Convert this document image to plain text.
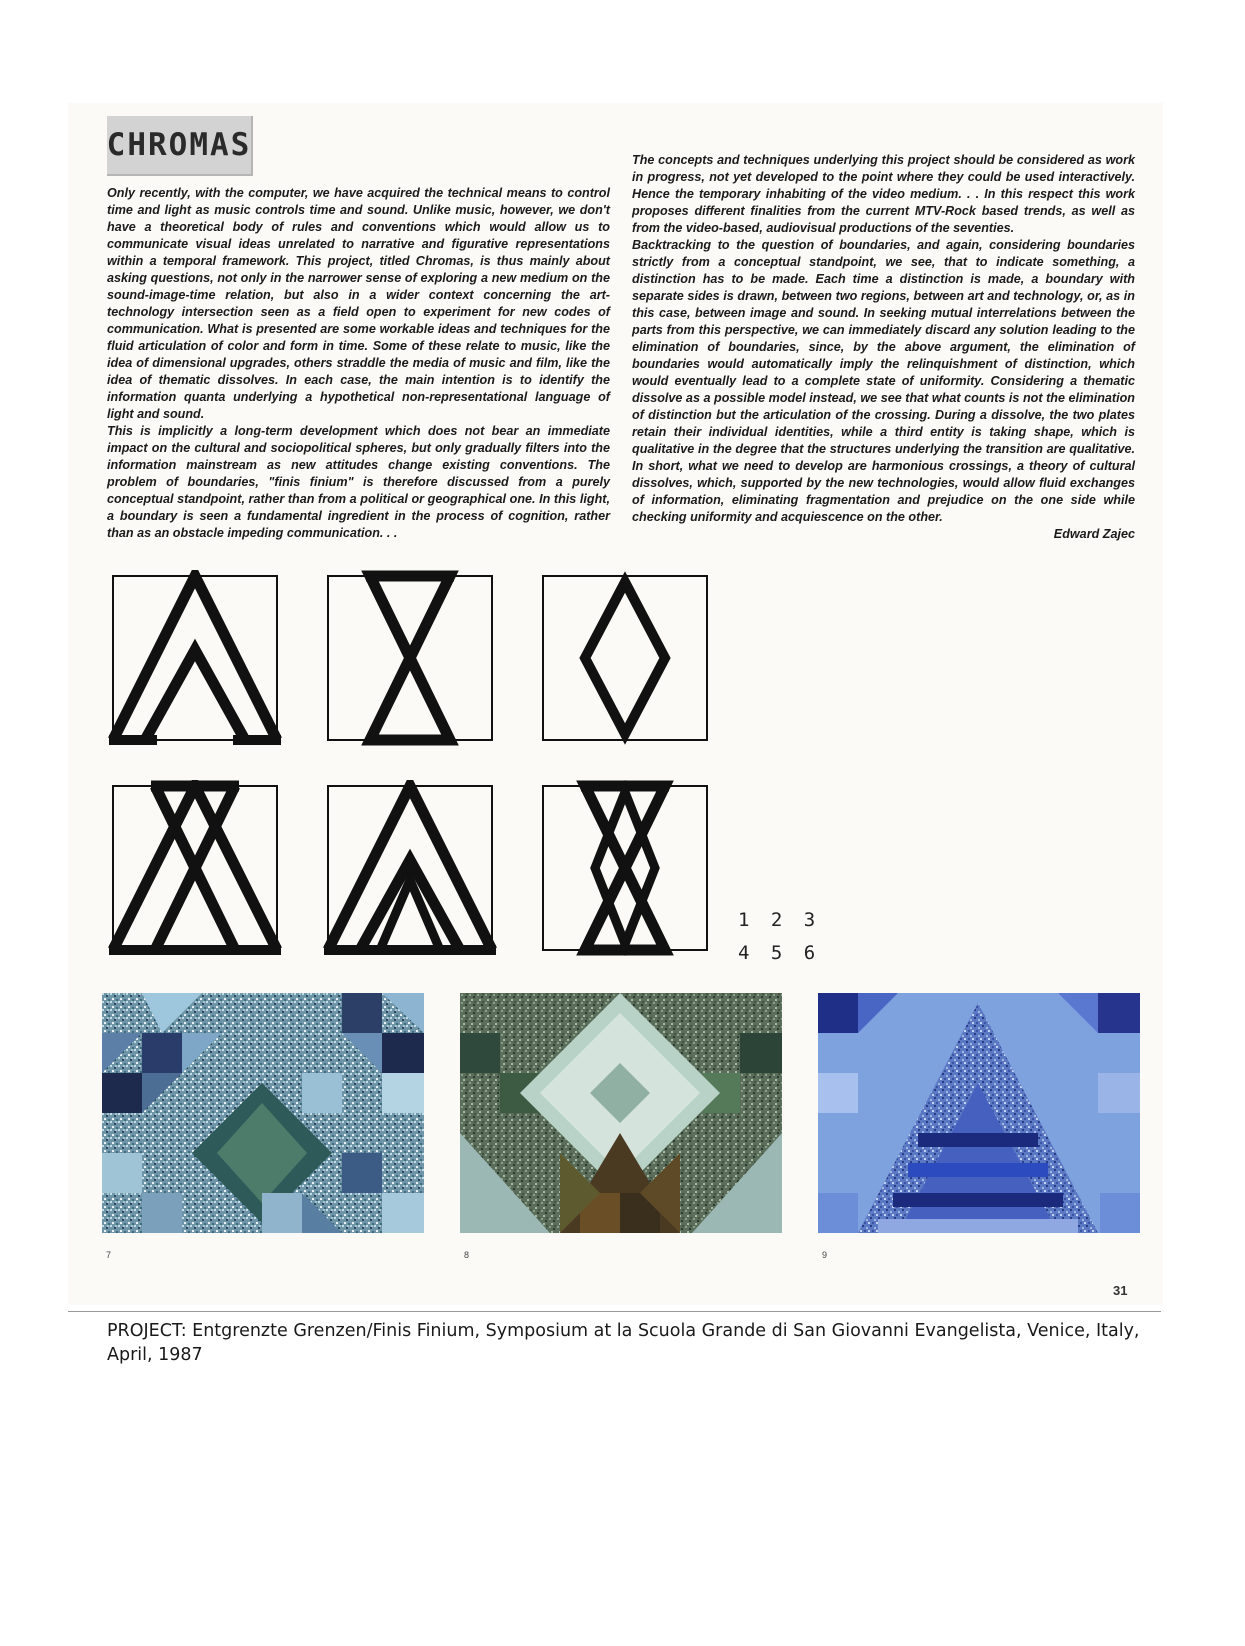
CHROMAS

Only recently, with the computer, we have acquired the technical means to control time and light as music controls time and sound. Unlike music, however, we don't have a theoretical body of rules and conventions which would allow us to communicate visual ideas unrelated to narrative and figurative representations within a temporal framework. This project, titled Chromas, is thus mainly about asking questions, not only in the narrower sense of exploring a new medium on the sound-image-time relation, but also in a wider context concerning the art-technology intersection seen as a field open to experiment for new codes of communication. What is presented are some workable ideas and techniques for the fluid articulation of color and form in time. Some of these relate to music, like the idea of dimensional upgrades, others straddle the media of music and film, like the idea of thematic dissolves. In each case, the main intention is to identify the information quanta underlying a hypothetical non-representational language of light and sound.

This is implicitly a long-term development which does not bear an immediate impact on the cultural and sociopolitical spheres, but only gradually filters into the information mainstream as new attitudes change existing conventions. The problem of boundaries, "finis finium" is therefore discussed from a purely conceptual standpoint, rather than from a political or geographical one. In this light, a boundary is seen a fundamental ingredient in the process of cognition, rather than as an obstacle impeding communication. . .

The concepts and techniques underlying this project should be considered as work in progress, not yet developed to the point where they could be used interactively. Hence the temporary inhabiting of the video medium. . . In this respect this work proposes different finalities from the current MTV-Rock based trends, as well as from the video-based, audiovisual productions of the seventies.

Backtracking to the question of boundaries, and again, considering boundaries strictly from a conceptual standpoint, we see, that to indicate something, a distinction has to be made. Each time a distinction is made, a boundary with separate sides is drawn, between two regions, between art and technology, or, as in this case, between image and sound. In seeking mutual interrelations between the parts from this perspective, we can immediately discard any solution leading to the elimination of boundaries, since, by the above argument, the elimination of boundaries would automatically imply the relinquishment of distinction, which would eventually lead to a complete state of uniformity. Considering a thematic dissolve as a possible model instead, we see that what counts is not the elimination of distinction but the articulation of the crossing. During a dissolve, the two plates retain their individual identities, while a third entity is taking shape, which is qualitative in the degree that the structures underlying the transition are qualitative. In short, what we need to develop are harmonious crossings, a theory of cultural dissolves, which, supported by the new technologies, would allow fluid exchanges of information, eliminating fragmentation and prejudice on the one side while checking uniformity and acquiescence on the other.

Edward Zajec

1 2 3
4 5 6
7	8	9
31
PROJECT: Entgrenzte Grenzen/Finis Finium, Symposium at la Scuola Grande di San Giovanni Evangelista, Venice, Italy, April, 1987
